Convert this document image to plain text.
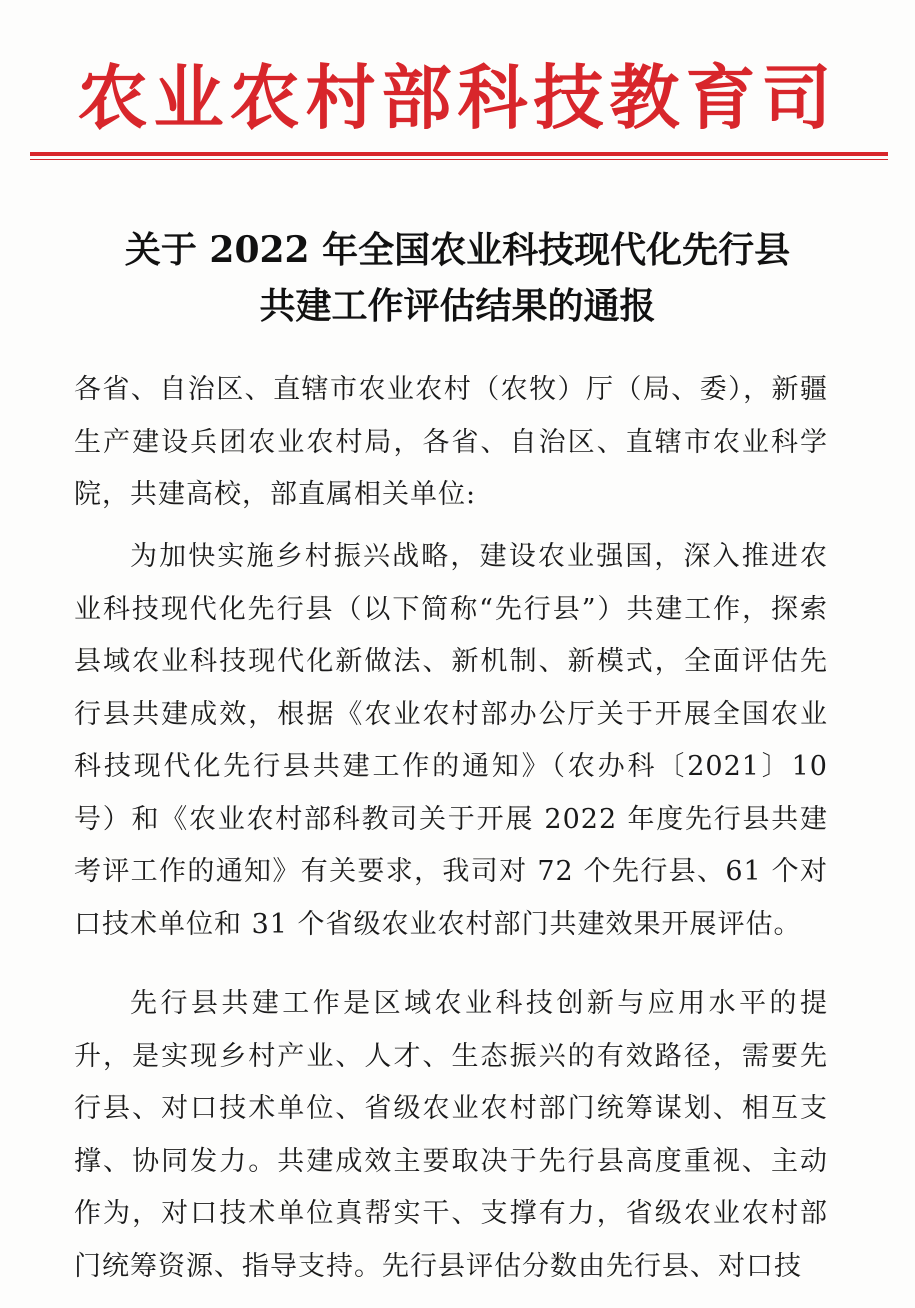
农业农村部科技教育司
关于 2022 年全国农业科技现代化先行县
共建工作评估结果的通报
各省、自治区、直辖市农业农村（农牧）厅（局、委），新疆生产建设兵团农业农村局，各省、自治区、直辖市农业科学院，共建高校，部直属相关单位:
为加快实施乡村振兴战略，建设农业强国，深入推进农业科技现代化先行县（以下简称“先行县”）共建工作，探索县域农业科技现代化新做法、新机制、新模式，全面评估先行县共建成效，根据《农业农村部办公厅关于开展全国农业科技现代化先行县共建工作的通知》（农办科〔2021〕10 号）和《农业农村部科教司关于开展 2022 年度先行县共建考评工作的通知》有关要求，我司对 72 个先行县、61 个对口技术单位和 31 个省级农业农村部门共建效果开展评估。
先行县共建工作是区域农业科技创新与应用水平的提升，是实现乡村产业、人才、生态振兴的有效路径，需要先行县、对口技术单位、省级农业农村部门统筹谋划、相互支撑、协同发力。共建成效主要取决于先行县高度重视、主动作为，对口技术单位真帮实干、支撑有力，省级农业农村部门统筹资源、指导支持。先行县评估分数由先行县、对口技
